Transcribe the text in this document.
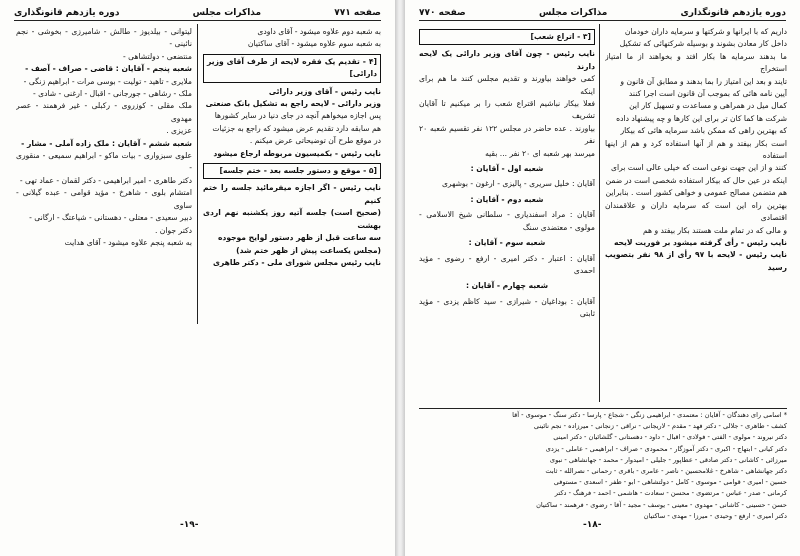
صفحه ۷۷۱
مذاکرات مجلس
دوره یازدهم قانونگذاری

به شعبه دوم علاوه میشود - آقای داودی

به شعبه سوم علاوه میشود - آقای ساکتیان

[۴ - تقدیم یک فقره لایحه از طرف آقای وزیر دارائی]

نایب رئیس - آقای وزیر دارائی

وزیر دارائی - لایحه راجع به تشکیل بانک صنعتی

پس اجازه میخواهم آنچه در جای دنیا در سایر کشورها

هم سابقه دارد تقدیم عرض میشود که راجع به جزئیات

در موقع طرح آن توضیحاتی عرض میکنم .

نایب رئیس - بکمیسیون مربوطه ارجاع میشود

[۵ - موقع و دستور جلسه بعد - ختم جلسه]

نایب رئیس - اگر اجازه میفرمائید جلسه را ختم کنیم

(صحیح است) جلسه آتیه روز یکشنبه نهم اردی بهشت

سه ساعت قبل از ظهر دستور لوایح موجوده

(مجلس یکساعت پیش از ظهر ختم شد)

نایب رئیس مجلس شورای ملی - دکتر طاهری

لیتوانی - بیلدیوز - طالش - شامیرزی - بخوشی - نجم نائینی -

منتضعی - دولتشاهی -

شعبه پنجم - آقایان : قاضی - صراف - آصف -

ملایری - تاهید - تولیت - بوسی مرات - ابراهیم زنگی -

ملک - رشاهی - جورجانی - اقبال - ارغنی - شادی -

ملک مقلی - کوزروی - رکبلی - غیر فرهمند - عصر مهدوی

عزیزی .

شعبه ششم - آقایان : ملک زاده آملی - مشار -

علوی سبزواری - بیات ماکو - ابراهیم سمیعی - منقوری -

دکتر طاهری - امیر ابراهیمی - دکتر لقمان - عماد تهی -

امتشام بلوی - شاهرخ - مؤید قوامی - عبده گیلانی - ساوی

دبیر سعیدی - معتلی - دهستانی - شیاعتگ - ارگانی -

دکتر جوان .

به شعبه پنجم علاوه میشود - آقای هدایت

-۱۹-
دوره یازدهم قانونگذاری
مذاکرات مجلس
صفحه ۷۷۰

داریم که با ایرانها و شرکتها و سرمایه داران خودمان

داخل کار معادن بشوند و بوسیله شرکتهائی که تشکیل

ما بدهند سرمایه ها بکار افتد و بخواهند از ما امتیاز استخراج

تایند و بعد این امتیاز را بما بدهند و مطابق آن قانون و

آیین نامه هائی که بموجب آن قانون است اجرا کنند

کمال میل در همراهی و مساعدت و تسهیل کار این

شرکت ها کما کان تر برای این کارها و چه پیشنهاد داده

که بهترین راهی که ممکن باشد سرمایه هائی که بیکار

است بکار بیفتد و هم از آنها استفاده کرد و هم از اینها استفاده

کنند و از این جهت نوعی است که خیلی عالی است برای

اینکه در عین حال که بیکار استفاده شخصی است در ضمن

هم متضمن مصالح عمومی و خواهی کشور است . بنابراین

بهترین راه این است که سرمایه داران و علاقمندان اقتصادی

و مالی که در تمام ملت هستند بکار بیفتد و هم

نایب رئیس - رأی گرفته میشود بر فوریت لایحه

نایب رئیس - لایحه با ۹۷ رأی از ۹۸ نفر بتصویب رسید

[۳ - اتراع شعب]

نایب رئیس - چون آقای وزیر دارائی یک لایحه دارند

کمی خواهند بیاورند و تقدیم مجلس کنند ما هم برای اینکه

فعلا بیکار نباشیم اقتراع شعب را بر میکنیم تا آقایان تشریف

بیاورند . عده حاضر در مجلس ۱۲۲ نفر تقسیم شعبه ۲۰ نفر

میرسد بهر شعبه ای ۲۰ نفر ... بقیه

شعبه اول - آقایان :

آقایان : خلیل سریری - پالیزی - ارغون - بوشهری

شعبه دوم - آقایان :

آقایان : مراد اسفندیاری - سلطانی شیخ الاسلامی - مولوی - معتضدی سنگ

شعبه سوم - آقایان :

آقایان : اعتبار - دکتر امیری - ارفع - رضوی - مؤید احمدی

شعبه چهارم - آقایان :

آقایان : بوداغیان - شیرازی - سید کاظم یزدی - مؤید ثابتی

* اسامی رای دهندگان - آقایان : معتمدی - ابراهیمی زنگی - شجاع - پارسا - دکتر سنگ - موسوی - آقا

کشف - طاهری - جلالی - دکتر فهد - مقدم - لاریجانی - نراقی - زنجانی - میرزاده - نجم نائینی

دکتر نیروند - مولوی - الفتی - فولادی - اقبال - داود - دهستانی - گلشائیان - دکتر امینی

دکتر کیانی - ابتهاج - اکبری - دکتر آموزگار - محمودی - صراف - ابراهیمی - عاملی - یزدی

میرزائی - کاشانی - دکتر صادقی - عطاپور - جلیلی - امیدوار - محمد - جهانشاهی - نبوی

دکتر جهانشاهی - شاهرخ - غلامحسین - ناصر - عامری - باقری - رحمانی - نصرالله - ثابت

حسین - امیری - قوامی - موسوی - کامل - دولتشاهی - ابو - ظفر - اسعدی - مستوفی

کرمانی - صدر - عباس - مرتضوی - محسن - سعادت - هاشمی - احمد - فرهنگ - دکتر

حسن - حسینی - کاشانی - مهدوی - معینی - یوسف - مجید - آقا - رضوی - فرهمند - ساکتیان

دکتر امیری - ارفع - وحیدی - میرزا - مهدی - ساکتیان

-۱۸-
